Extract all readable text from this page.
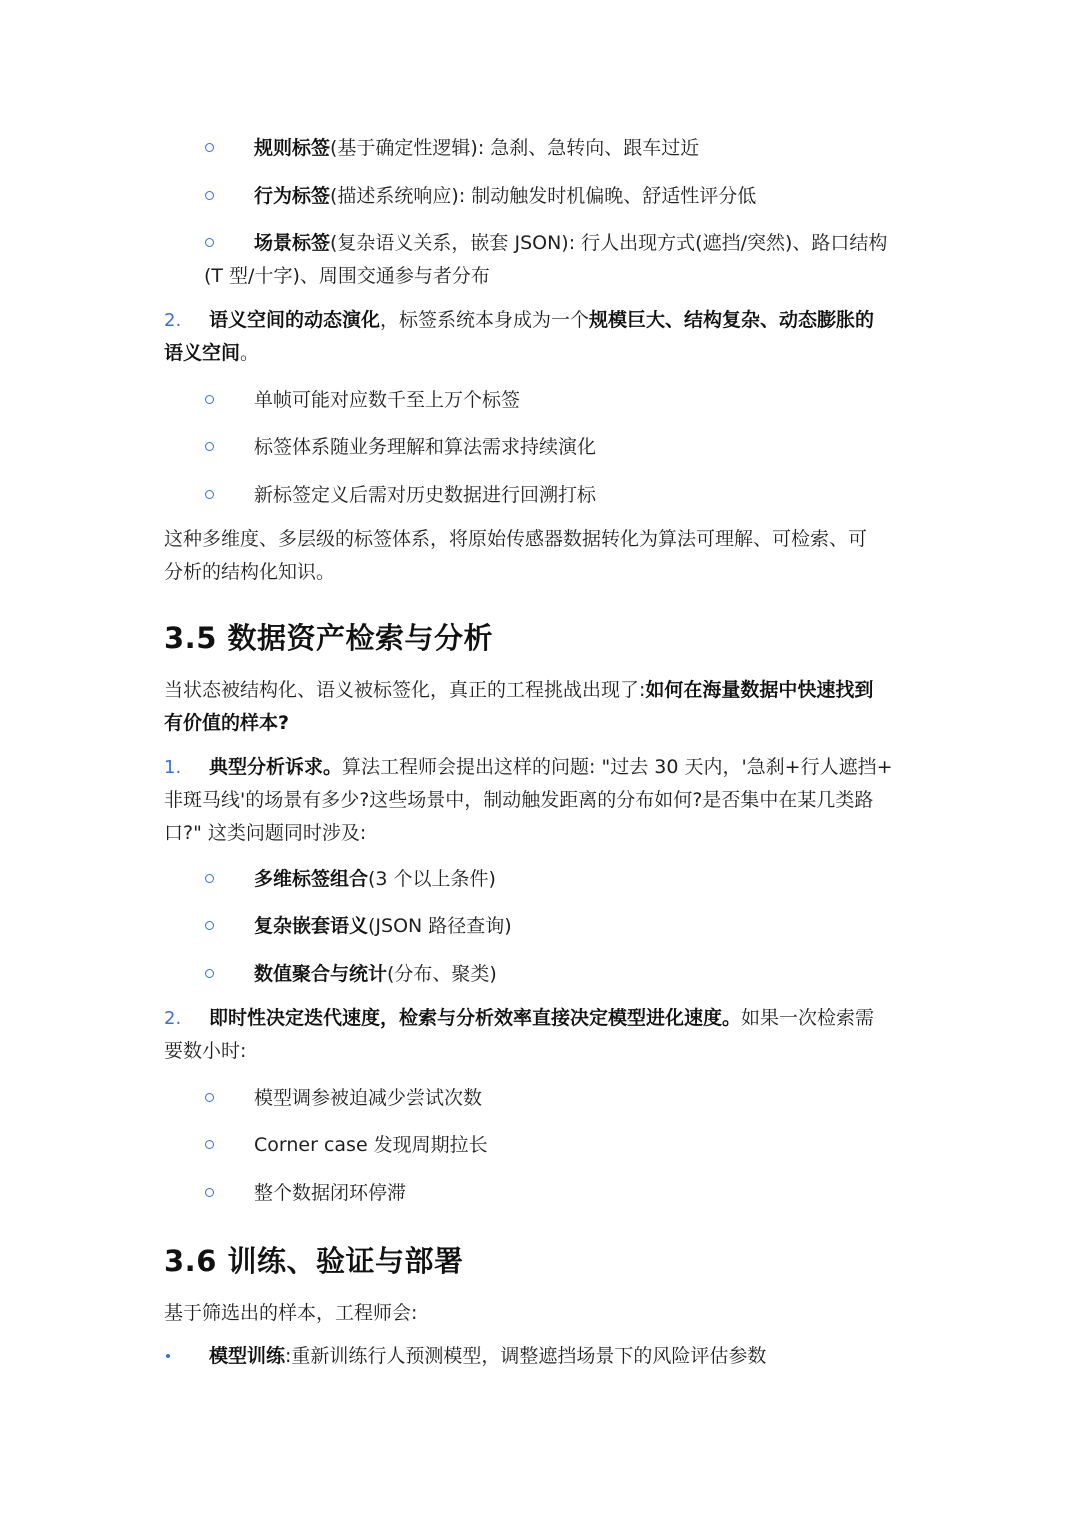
规则标签(基于确定性逻辑): 急刹、急转向、跟车过近

行为标签(描述系统响应): 制动触发时机偏晚、舒适性评分低

场景标签(复杂语义关系，嵌套 JSON): 行人出现方式(遮挡/突然)、路口结构

(T 型/十字)、周围交通参与者分布

2.	语义空间的动态演化，标签系统本身成为一个规模巨大、结构复杂、动态膨胀的

语义空间。

单帧可能对应数千至上万个标签

标签体系随业务理解和算法需求持续演化

新标签定义后需对历史数据进行回溯打标

这种多维度、多层级的标签体系，将原始传感器数据转化为算法可理解、可检索、可

分析的结构化知识。

3.5 数据资产检索与分析

当状态被结构化、语义被标签化，真正的工程挑战出现了:如何在海量数据中快速找到

有价值的样本?

1.	典型分析诉求。算法工程师会提出这样的问题: "过去 30 天内，'急刹+行人遮挡+

非斑马线'的场景有多少?这些场景中，制动触发距离的分布如何?是否集中在某几类路

口?" 这类问题同时涉及:

多维标签组合(3 个以上条件)

复杂嵌套语义(JSON 路径查询)

数值聚合与统计(分布、聚类)

2.	即时性决定迭代速度，检索与分析效率直接决定模型进化速度。如果一次检索需

要数小时:

模型调参被迫减少尝试次数

Corner case 发现周期拉长

整个数据闭环停滞

3.6 训练、验证与部署

基于筛选出的样本，工程师会:

模型训练:重新训练行人预测模型，调整遮挡场景下的风险评估参数
